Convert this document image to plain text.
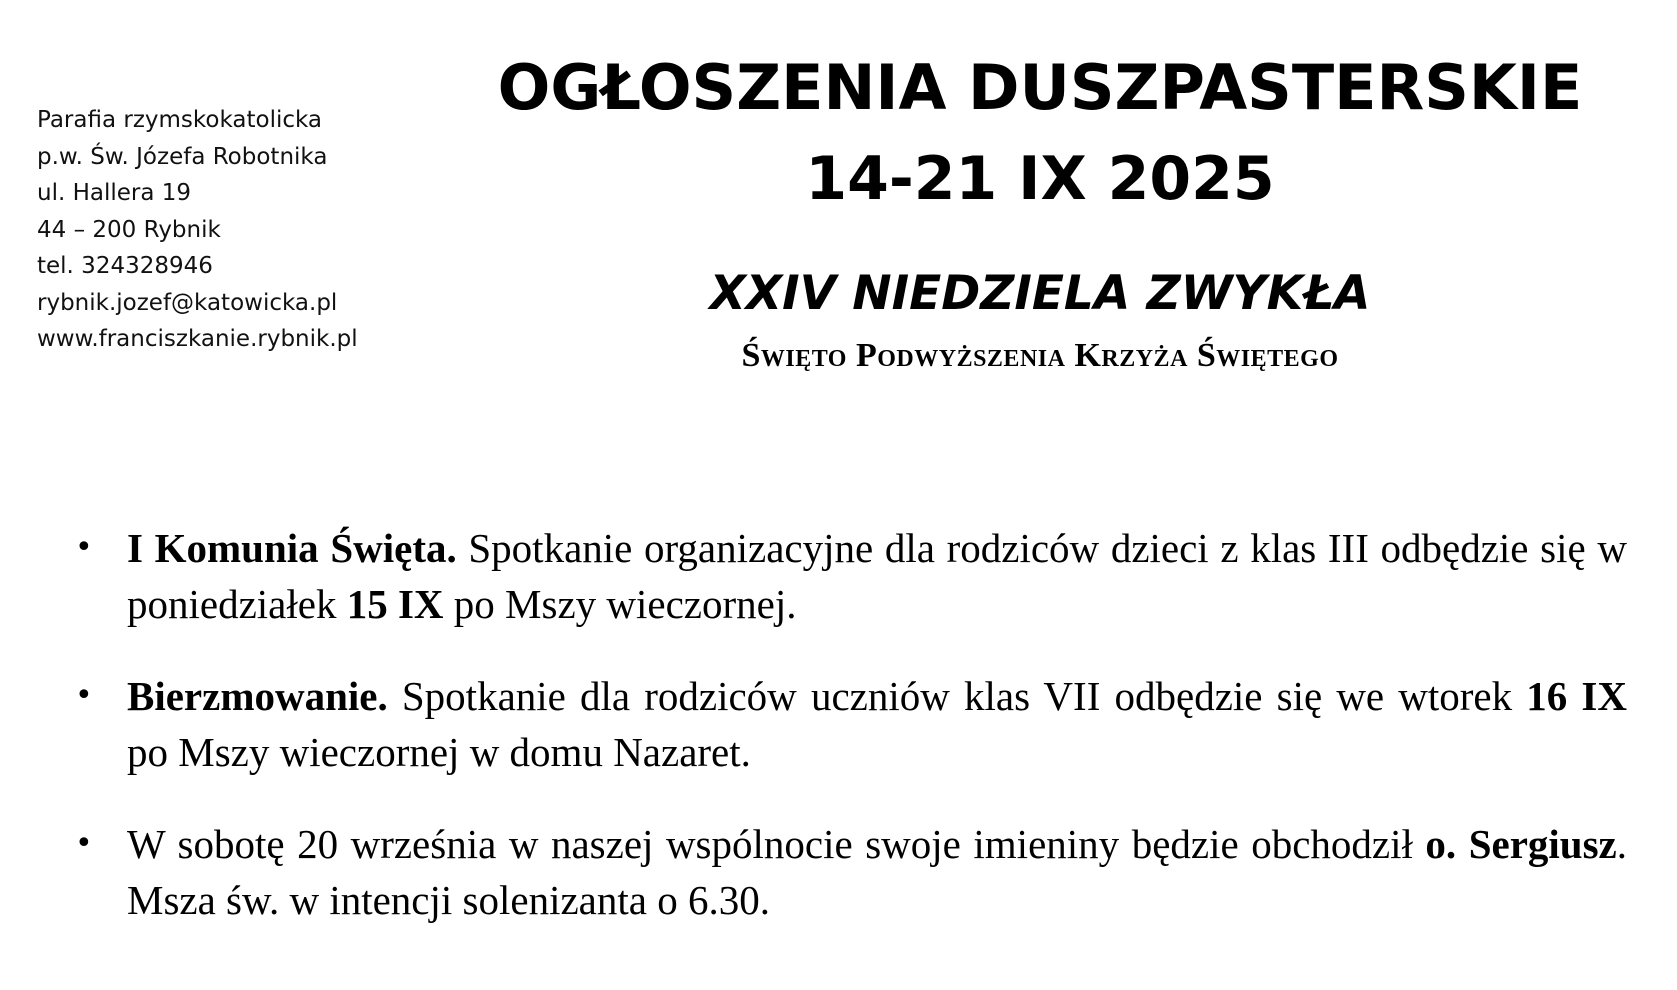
Parafia rzymskokatolicka
p.w. Św. Józefa Robotnika
ul. Hallera 19
44 – 200 Rybnik
tel. 324328946
rybnik.jozef@katowicka.pl
www.franciszkanie.rybnik.pl
OGŁOSZENIA DUSZPASTERSKIE
14-21 IX 2025
XXIV NIEDZIELA ZWYKŁA
Święto Podwyższenia Krzyża Świętego
• I Komunia Święta. Spotkanie organizacyjne dla rodziców dzieci z klas III odbędzie się w poniedziałek 15 IX po Mszy wieczornej.
• Bierzmowanie. Spotkanie dla rodziców uczniów klas VII odbędzie się we wtorek 16 IX po Mszy wieczornej w domu Nazaret.
• W sobotę 20 września w naszej wspólnocie swoje imieniny będzie obchodził o. Sergiusz. Msza św. w intencji solenizanta o 6.30.
